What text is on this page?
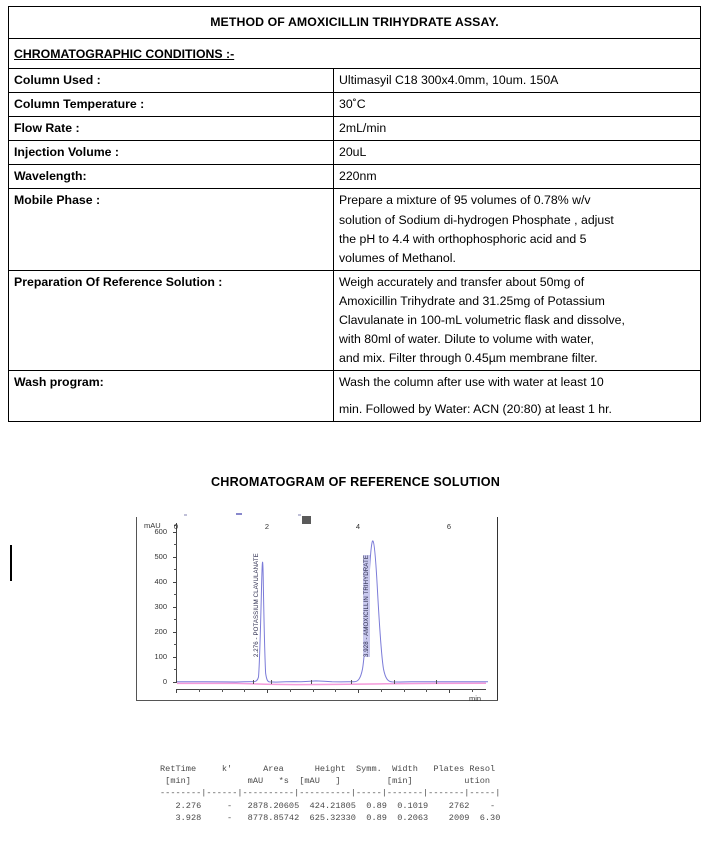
METHOD OF AMOXICILLIN TRIHYDRATE ASSAY.	
CHROMATOGRAPHIC CONDITIONS :-	
Column Used :	Ultimasyil C18 300x4.0mm, 10um. 150A
Column Temperature :	30˚C
Flow Rate :	2mL/min
Injection Volume :	20uL
Wavelength:	220nm
Mobile Phase :	Prepare a mixture of 95 volumes of 0.78% w/v

solution of Sodium di-hydrogen Phosphate , adjust

the pH to 4.4 with orthophosphoric acid and 5

volumes of Methanol.

Preparation Of Reference Solution :	Weigh accurately and transfer about 50mg of

Amoxicillin Trihydrate and 31.25mg of Potassium

Clavulanate in 100-mL volumetric flask and dissolve,

with 80ml of water. Dilute to volume with water,

and mix. Filter through 0.45µm membrane filter.

Wash program:	Wash the column after use with water at least 10

min. Followed by Water: ACN (20:80) at least 1 hr.

CHROMATOGRAM OF REFERENCE SOLUTION
mAU
min
0
100
200
300
400
500
600
0	2	4	6
2.276 - POTASSIUM CLAVULANATE	3.928 - AMOXICILLIN TRIHYDRATE
RetTime     k'      Area      Height  Symm.  Width   Plates Resol
[min]           mAU   *s  [mAU   ]         [min]          ution
--------|------|----------|----------|-----|-------|-------|-----|
2.276     -   2878.20605  424.21805  0.89  0.1019    2762    -
3.928     -   8778.85742  625.32330  0.89  0.2063    2009  6.30
